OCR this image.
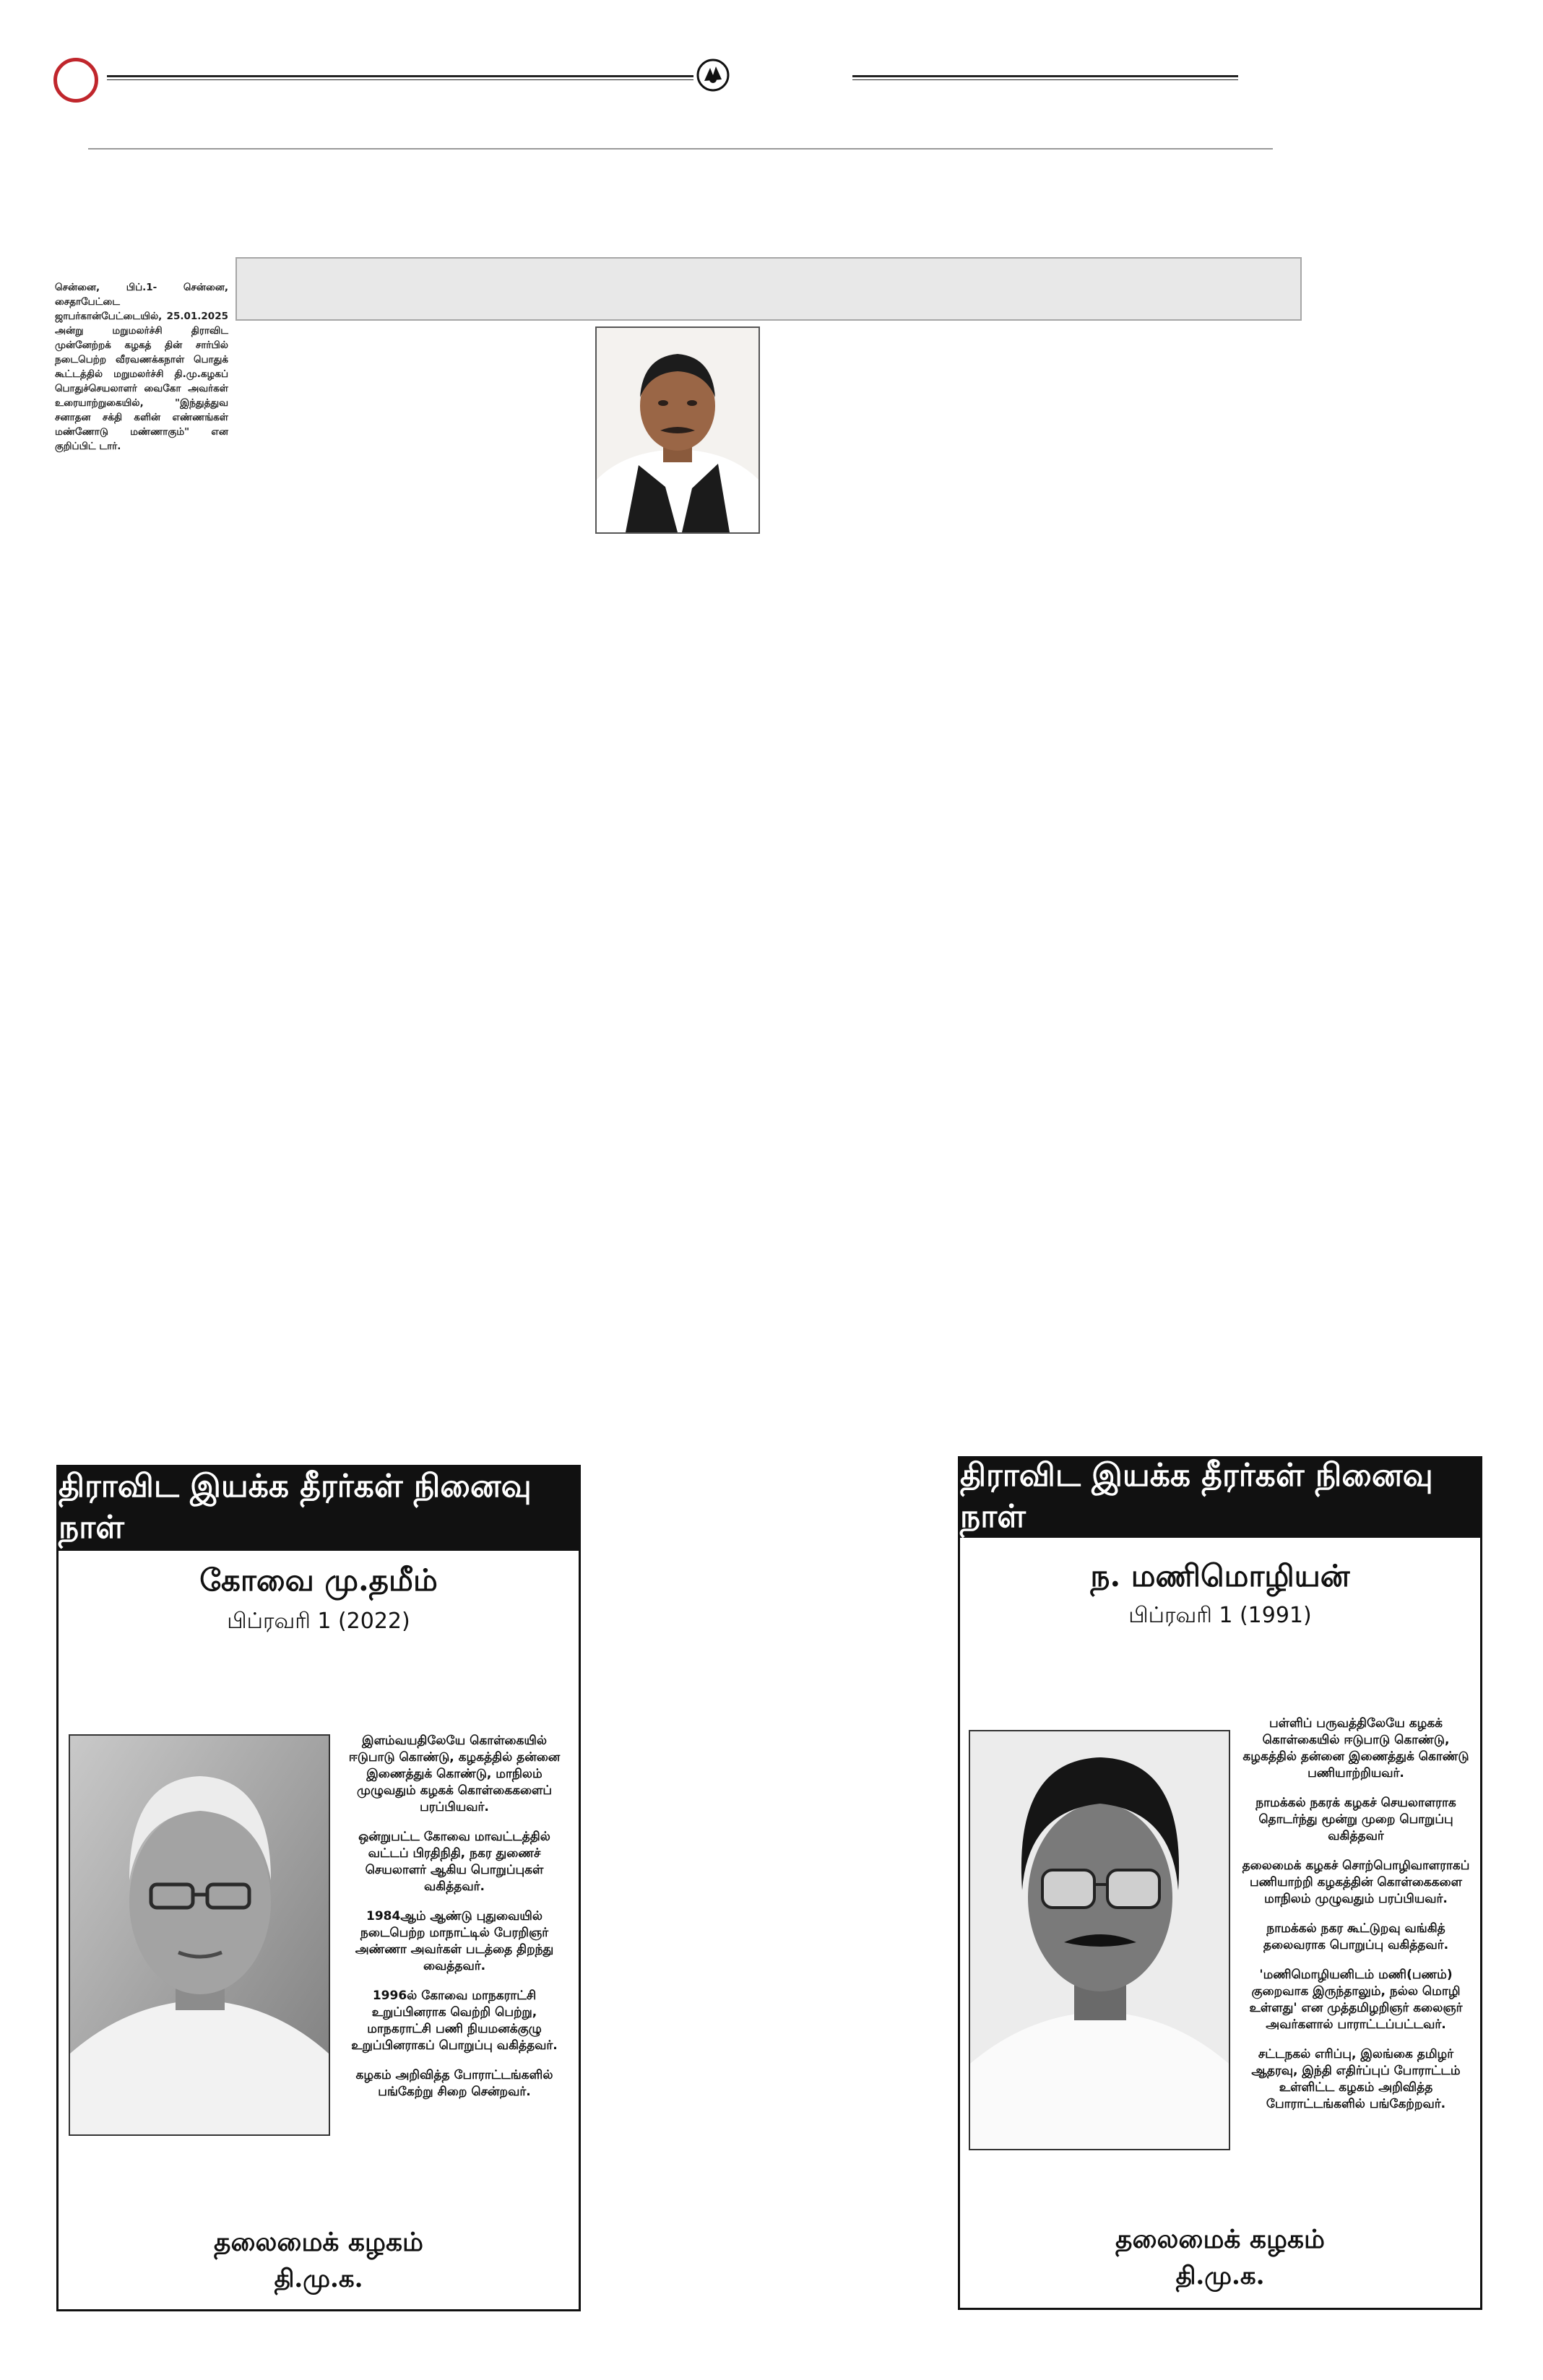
சென்னை, பிப்.1- சென்னை, சைதாபேட்டை ஜாபர்கான்பேட்டையில், 25.01.2025 அன்று மறுமலர்ச்சி திராவிட முன்னேற்றக் கழகத் தின் சார்பில் நடைபெற்ற வீரவணக்கநாள் பொதுக் கூட்டத்தில் மறுமலர்ச்சி தி.மு.கழகப் பொதுச்செயலாளர் வைகோ அவர்கள் உரையாற்றுகையில், "இந்துத்துவ சனாதன சக்தி களின் எண்ணங்கள் மண்ணோடு மண்ணாகும்" என குறிப்பிட் டார்.
திராவிட இயக்க தீரர்கள் நினைவு நாள்
கோவை மு.தமீம்
பிப்ரவரி 1 (2022)

இளம்வயதிலேயே கொள்கையில் ஈடுபாடு கொண்டு, கழகத்தில் தன்னை இணைத்துக் கொண்டு, மாநிலம் முழுவதும் கழகக் கொள்கைகளைப் பரப்பியவர்.

ஒன்றுபட்ட கோவை மாவட்டத்தில் வட்டப் பிரதிநிதி, நகர துணைச் செயலாளர் ஆகிய பொறுப்புகள் வகித்தவர்.

1984ஆம் ஆண்டு புதுவையில் நடைபெற்ற மாநாட்டில் பேரறிஞர் அண்ணா அவர்கள் படத்தை திறந்து வைத்தவர்.

1996ல் கோவை மாநகராட்சி உறுப்பினராக வெற்றி பெற்று, மாநகராட்சி பணி நியமனக்குழு உறுப்பினராகப் பொறுப்பு வகித்தவர்.

கழகம் அறிவித்த போராட்டங்களில் பங்கேற்று சிறை சென்றவர்.

தலைமைக் கழகம்
தி.மு.க.
திராவிட இயக்க தீரர்கள் நினைவு நாள்
ந. மணிமொழியன்
பிப்ரவரி 1 (1991)

பள்ளிப் பருவத்திலேயே கழகக் கொள்கையில் ஈடுபாடு கொண்டு, கழகத்தில் தன்னை இணைத்துக் கொண்டு பணியாற்றியவர்.

நாமக்கல் நகரக் கழகச் செயலாளராக தொடர்ந்து மூன்று முறை பொறுப்பு வகித்தவர்

தலைமைக் கழகச் சொற்பொழிவாளராகப் பணியாற்றி கழகத்தின் கொள்கைகளை மாநிலம் முழுவதும் பரப்பியவர்.

நாமக்கல் நகர கூட்டுறவு வங்கித் தலைவராக பொறுப்பு வகித்தவர்.

'மணிமொழியனிடம் மணி(பணம்) குறைவாக இருந்தாலும், நல்ல மொழி உள்ளது' என முத்தமிழறிஞர் கலைஞர் அவர்களால் பாராட்டப்பட்டவர்.

சட்டநகல் எரிப்பு, இலங்கை தமிழர் ஆதரவு, இந்தி எதிர்ப்புப் போராட்டம் உள்ளிட்ட கழகம் அறிவித்த போராட்டங்களில் பங்கேற்றவர்.

தலைமைக் கழகம்
தி.மு.க.
